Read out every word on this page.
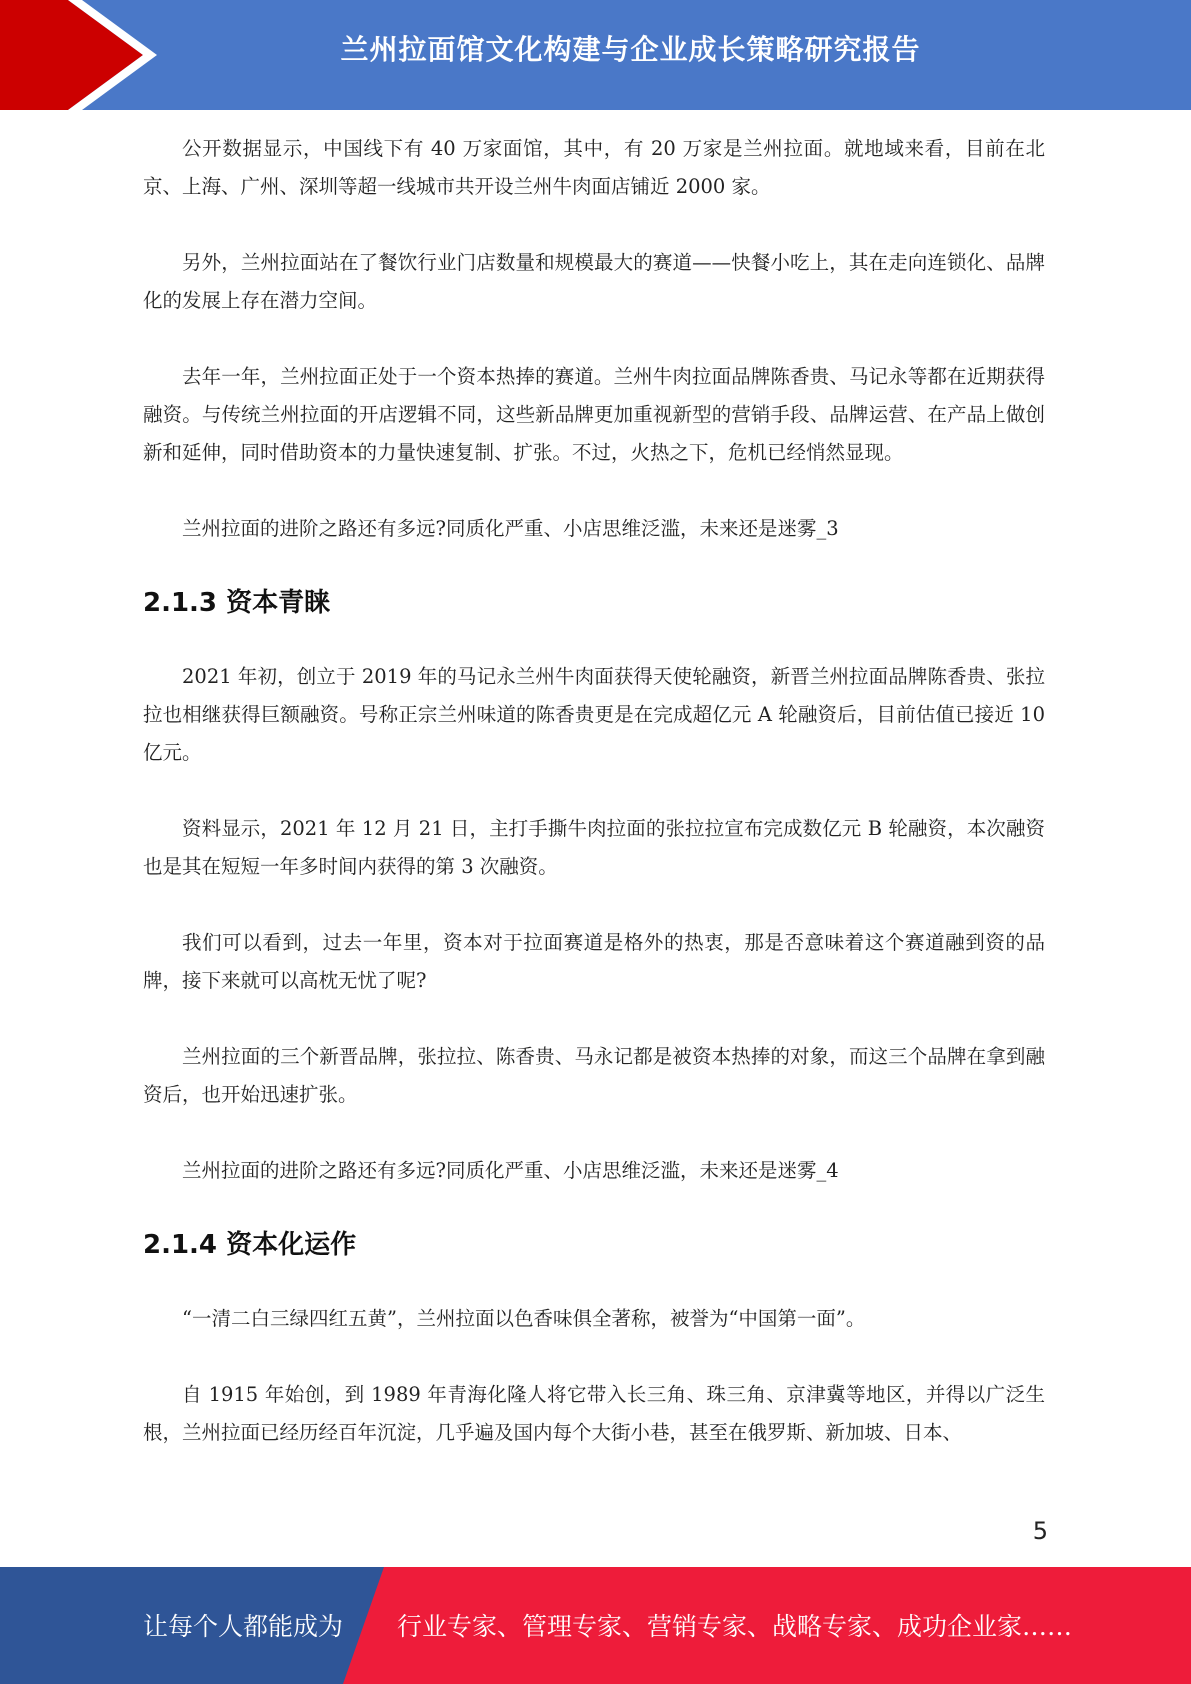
兰州拉面馆文化构建与企业成长策略研究报告

公开数据显示，中国线下有 40 万家面馆，其中，有 20 万家是兰州拉面。就地域来看，目前在北京、上海、广州、深圳等超一线城市共开设兰州牛肉面店铺近 2000 家。

另外，兰州拉面站在了餐饮行业门店数量和规模最大的赛道——快餐小吃上，其在走向连锁化、品牌化的发展上存在潜力空间。

去年一年，兰州拉面正处于一个资本热捧的赛道。兰州牛肉拉面品牌陈香贵、马记永等都在近期获得融资。与传统兰州拉面的开店逻辑不同，这些新品牌更加重视新型的营销手段、品牌运营、在产品上做创新和延伸，同时借助资本的力量快速复制、扩张。不过，火热之下，危机已经悄然显现。

兰州拉面的进阶之路还有多远?同质化严重、小店思维泛滥，未来还是迷雾_3

2.1.3 资本青睐

2021 年初，创立于 2019 年的马记永兰州牛肉面获得天使轮融资，新晋兰州拉面品牌陈香贵、张拉拉也相继获得巨额融资。号称正宗兰州味道的陈香贵更是在完成超亿元 A 轮融资后，目前估值已接近 10 亿元。

资料显示，2021 年 12 月 21 日，主打手撕牛肉拉面的张拉拉宣布完成数亿元 B 轮融资，本次融资也是其在短短一年多时间内获得的第 3 次融资。

我们可以看到，过去一年里，资本对于拉面赛道是格外的热衷，那是否意味着这个赛道融到资的品牌，接下来就可以高枕无忧了呢?

兰州拉面的三个新晋品牌，张拉拉、陈香贵、马永记都是被资本热捧的对象，而这三个品牌在拿到融资后，也开始迅速扩张。

兰州拉面的进阶之路还有多远?同质化严重、小店思维泛滥，未来还是迷雾_4

2.1.4 资本化运作

“一清二白三绿四红五黄”，兰州拉面以色香味俱全著称，被誉为“中国第一面”。

自 1915 年始创，到 1989 年青海化隆人将它带入长三角、珠三角、京津冀等地区，并得以广泛生根，兰州拉面已经历经百年沉淀，几乎遍及国内每个大街小巷，甚至在俄罗斯、新加坡、日本、

5
让每个人都能成为 行业专家、管理专家、营销专家、战略专家、成功企业家……
